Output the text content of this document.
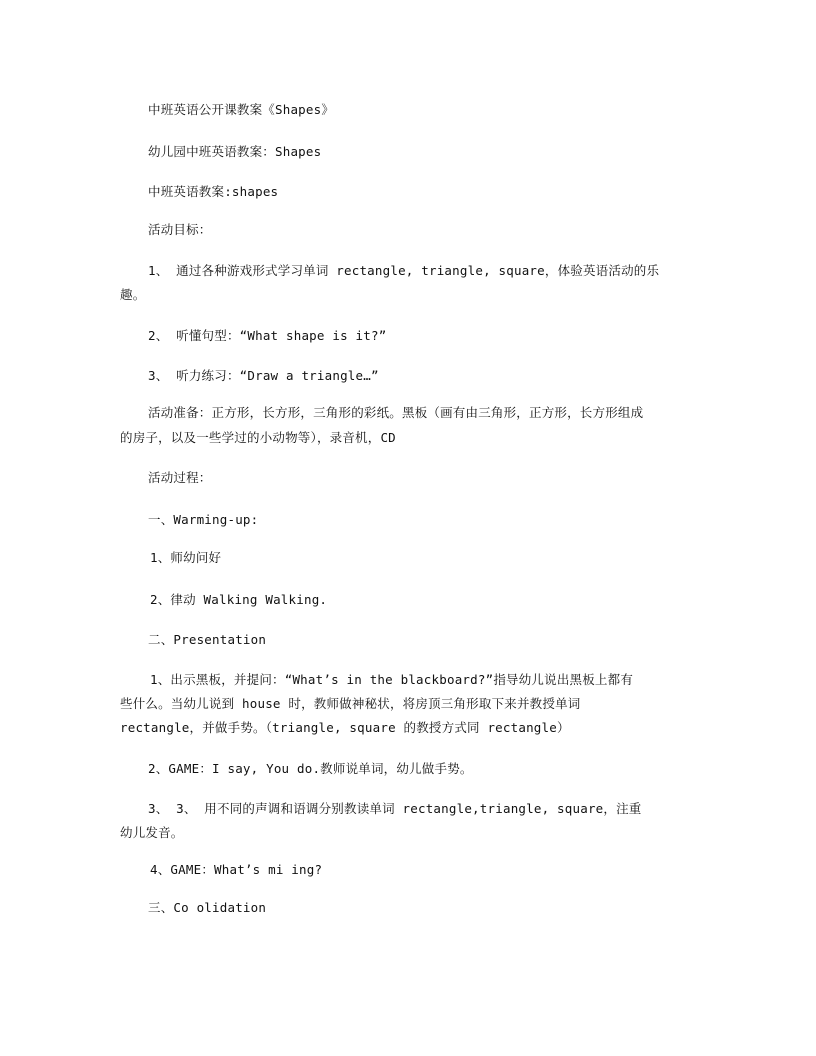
中班英语公开课教案《Shapes》

幼儿园中班英语教案：Shapes

中班英语教案:shapes

活动目标：

1、 通过各种游戏形式学习单词 rectangle, triangle, square，体验英语活动的乐

趣。

2、 听懂句型：“What shape is it?”

3、 听力练习：“Draw a triangle…”

活动准备：正方形，长方形，三角形的彩纸。黑板（画有由三角形，正方形，长方形组成

的房子，以及一些学过的小动物等），录音机，CD

活动过程：

一、Warming-up:

1、师幼问好

2、律动 Walking Walking.

二、Presentation

1、出示黑板，并提问：“What’s in the blackboard?”指导幼儿说出黑板上都有

些什么。当幼儿说到 house 时，教师做神秘状，将房顶三角形取下来并教授单词

rectangle，并做手势。（triangle, square 的教授方式同 rectangle）

2、GAME：I say, You do.教师说单词，幼儿做手势。

3、 3、 用不同的声调和语调分别教读单词 rectangle,triangle, square，注重

幼儿发音。

4、GAME：What’s mi ing?

三、Co olidation
